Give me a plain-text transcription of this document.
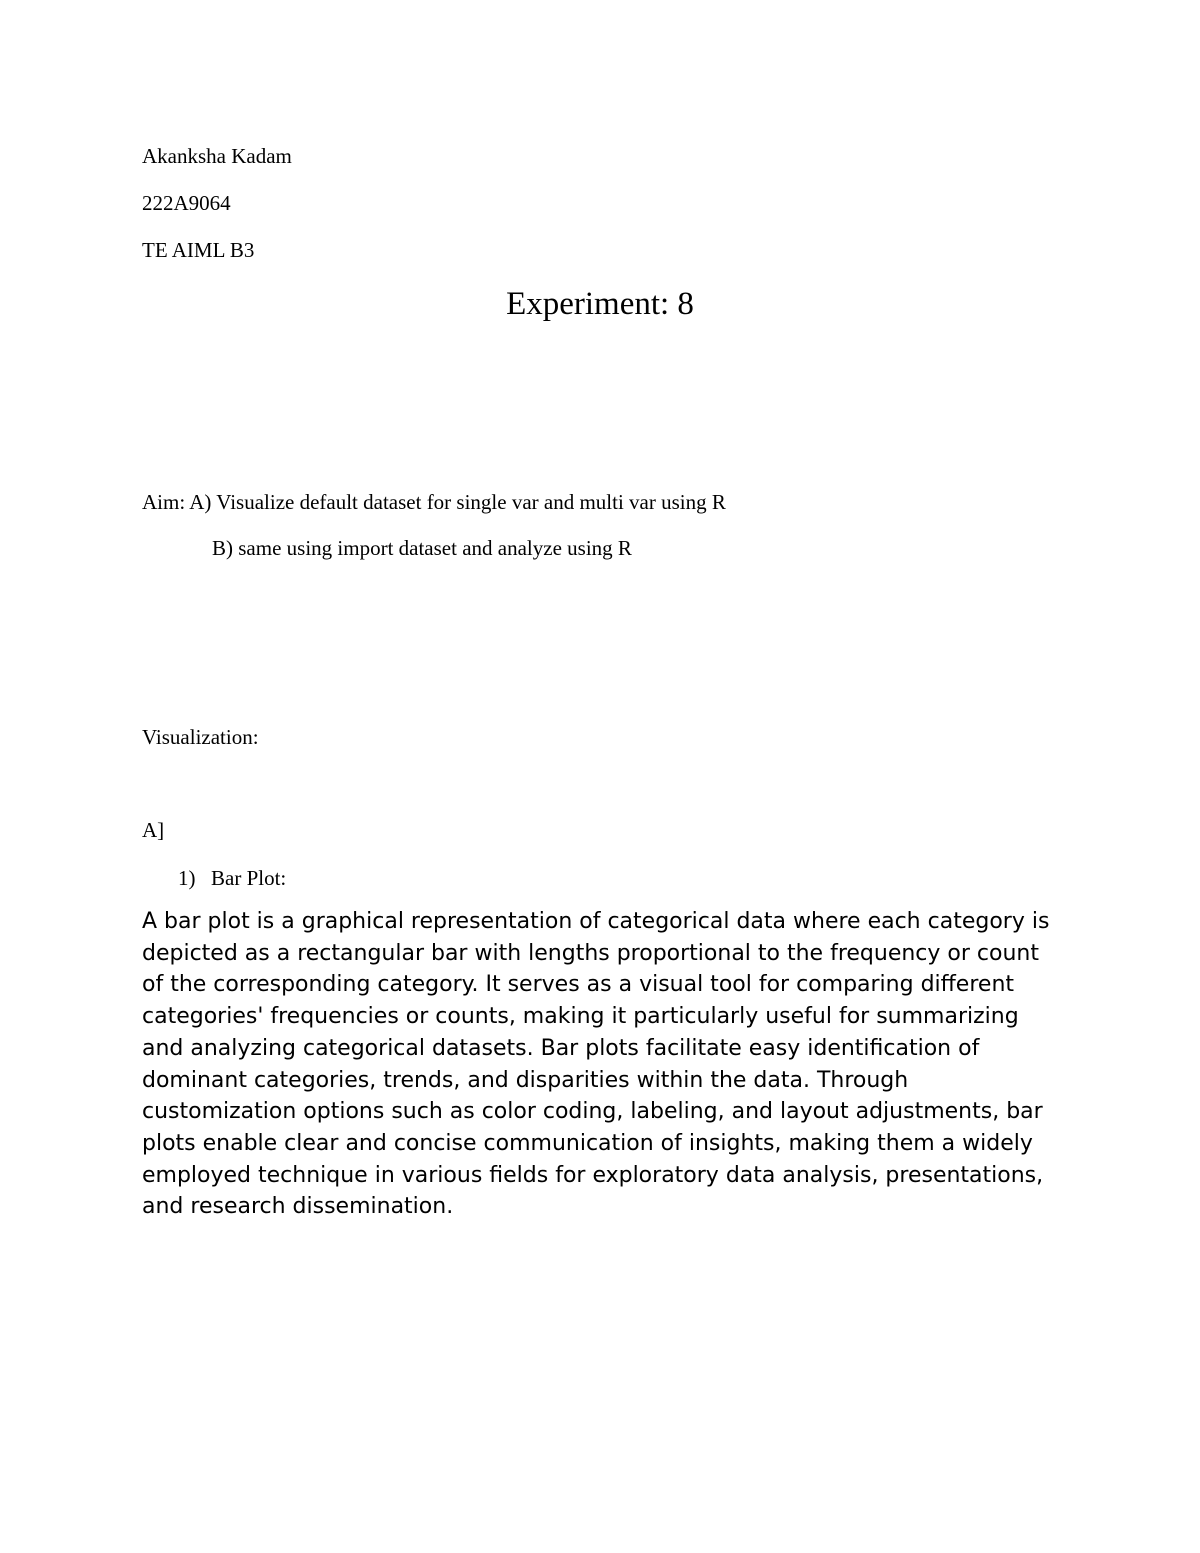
Akanksha Kadam
222A9064
TE AIML B3
Experiment: 8
Aim: A) Visualize default dataset for single var and multi var using R
B) same using import dataset and analyze using R
Visualization:
A]
1) Bar Plot:

A bar plot is a graphical representation of categorical data where each category is depicted as a rectangular bar with lengths proportional to the frequency or count of the corresponding category. It serves as a visual tool for comparing different categories' frequencies or counts, making it particularly useful for summarizing and analyzing categorical datasets. Bar plots facilitate easy identification of dominant categories, trends, and disparities within the data. Through customization options such as color coding, labeling, and layout adjustments, bar plots enable clear and concise communication of insights, making them a widely employed technique in various fields for exploratory data analysis, presentations, and research dissemination.
